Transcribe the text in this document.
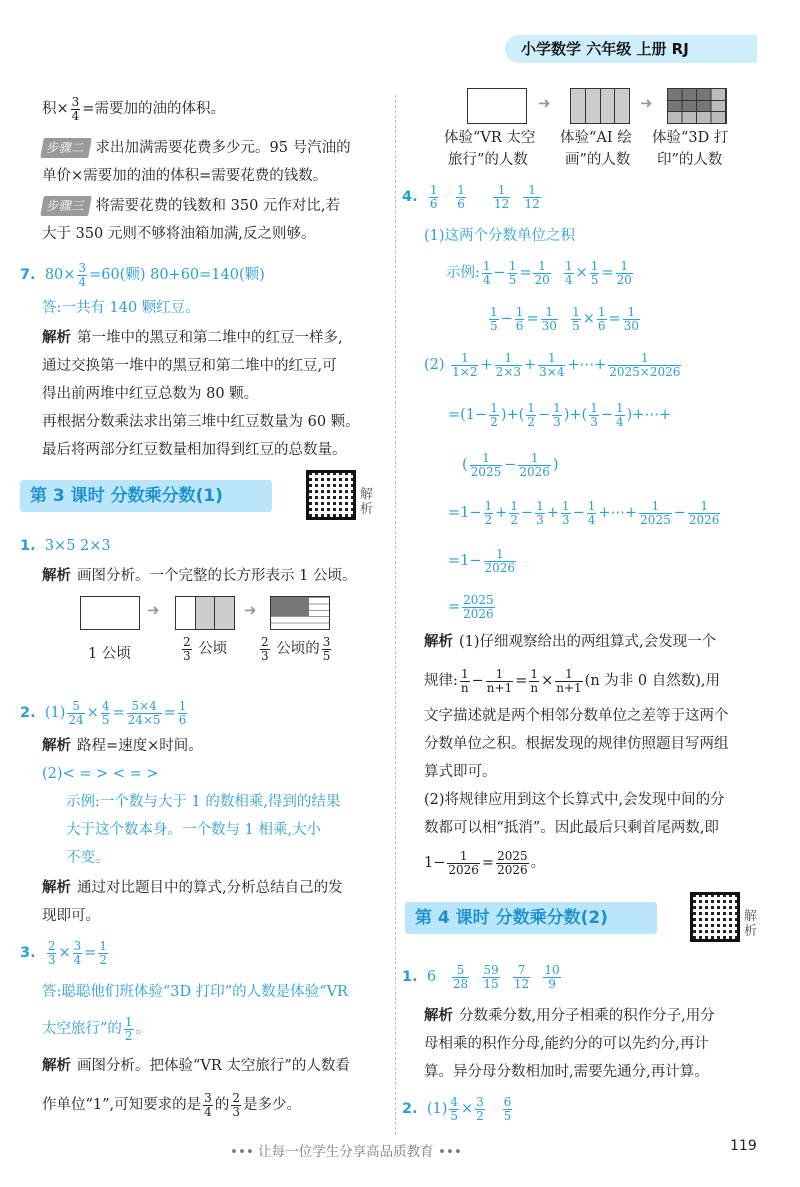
小学数学 六年级 上册 RJ
积× $\frac{3}{4}$ =需要加的油的体积。
步骤二 求出加满需要花费多少元。95 号汽油的
单价×需要加的油的体积=需要花费的钱数。
步骤三 将需要花费的钱数和 350 元作对比,若
大于 350 元则不够将油箱加满,反之则够。
7. $80\times \frac{3}{4} =60$(颗) 80+60=140(颗)
答:一共有 140 颗红豆。
解析 第一堆中的黑豆和第二堆中的红豆一样多,
通过交换第一堆中的黑豆和第二堆中的红豆,可
得出前两堆中红豆总数为 80 颗。
再根据分数乘法求出第三堆中红豆数量为 60 颗。
最后将两部分红豆数量相加得到红豆的总数量。
第 3 课时 分数乘分数(1)	解析
1. 3×5 2×3
解析 画图分析。一个完整的长方形表示 1 公顷。
➜	➜
1 公顷	$\frac{2}{3}$ 公顷	$\frac{2}{3}$ 公顷的 $\frac{3}{5}$
2. $(1) \frac{5}{24} \times \frac{4}{5} = \frac{5\times 4}{24\times 5} = \frac{1}{6}$
解析 路程=速度×时间。
(2)< = > < = >
示例:一个数与大于 1 的数相乘,得到的结果
大于这个数本身。一个数与 1 相乘,大小
不变。
解析 通过对比题目中的算式,分析总结自己的发
现即可。
3. $\frac{2}{3} \times \frac{3}{4} = \frac{1}{2}$
答:聪聪他们班体验“3D 打印”的人数是体验“VR
太空旅行”的 $\frac{1}{2}$ 。
解析 画图分析。把体验“VR 太空旅行”的人数看
作单位“1”,可知要求的是 $\frac{3}{4}$ 的 $\frac{2}{3}$ 是多少。
➜	➜
体验“VR 太空
旅行”的人数
体验“AI 绘
画”的人数
体验“3D 打
印”的人数
4. $\frac{1}{6}$
$\frac{1}{6}$
$\frac{1}{12}$
$\frac{1}{12}$
(1)这两个分数单位之积
示例: $\frac{1}{4} - \frac{1}{5} = \frac{1}{20}$
$\frac{1}{4} \times \frac{1}{5} = \frac{1}{20}$
$\frac{1}{5} - \frac{1}{6} = \frac{1}{30}$
$\frac{1}{5} \times \frac{1}{6} = \frac{1}{30}$
$(2) \frac{1}{1\times 2} + \frac{1}{2\times 3} + \frac{1}{3\times 4}$ +⋯+ $\frac{1}{2025\times 2026}$
$=(1- \frac{1}{2}$ )+( $\frac{1}{2} - \frac{1}{3}$ )+( $\frac{1}{3} - \frac{1}{4}$ )+⋯+
( $\frac{1}{2025} - \frac{1}{2026}$ )
$=1- \frac{1}{2} + \frac{1}{2} - \frac{1}{3} + \frac{1}{3} - \frac{1}{4}$ +⋯+ $\frac{1}{2025} - \frac{1}{2026}$
$=1- \frac{1}{2026}$
= $\frac{2025}{2026}$
解析 (1)仔细观察给出的两组算式,会发现一个
规律: $\frac{1}{n} - \frac{1}{n+1} = \frac{1}{n} \times \frac{1}{n+1} (n$ 为非 0 自然数),用
文字描述就是两个相邻分数单位之差等于这两个
分数单位之积。根据发现的规律仿照题目写两组
算式即可。
(2)将规律应用到这个长算式中,会发现中间的分
数都可以相“抵消”。因此最后只剩首尾两数,即
$1- \frac{1}{2026} = \frac{2025}{2026}$ 。
第 4 课时 分数乘分数(2)	解析
1. $6 \frac{5}{28}$
$\frac{59}{15}$
$\frac{7}{12}$
$\frac{10}{9}$
解析 分数乘分数,用分子相乘的积作分子,用分
母相乘的积作分母,能约分的可以先约分,再计
算。异分母分数相加时,需要先通分,再计算。
2.  $(1) \frac{4}{5} \times \frac{3}{2}$
$\frac{6}{5}$
••• 让每一位学生分享高品质教育 •••	119
